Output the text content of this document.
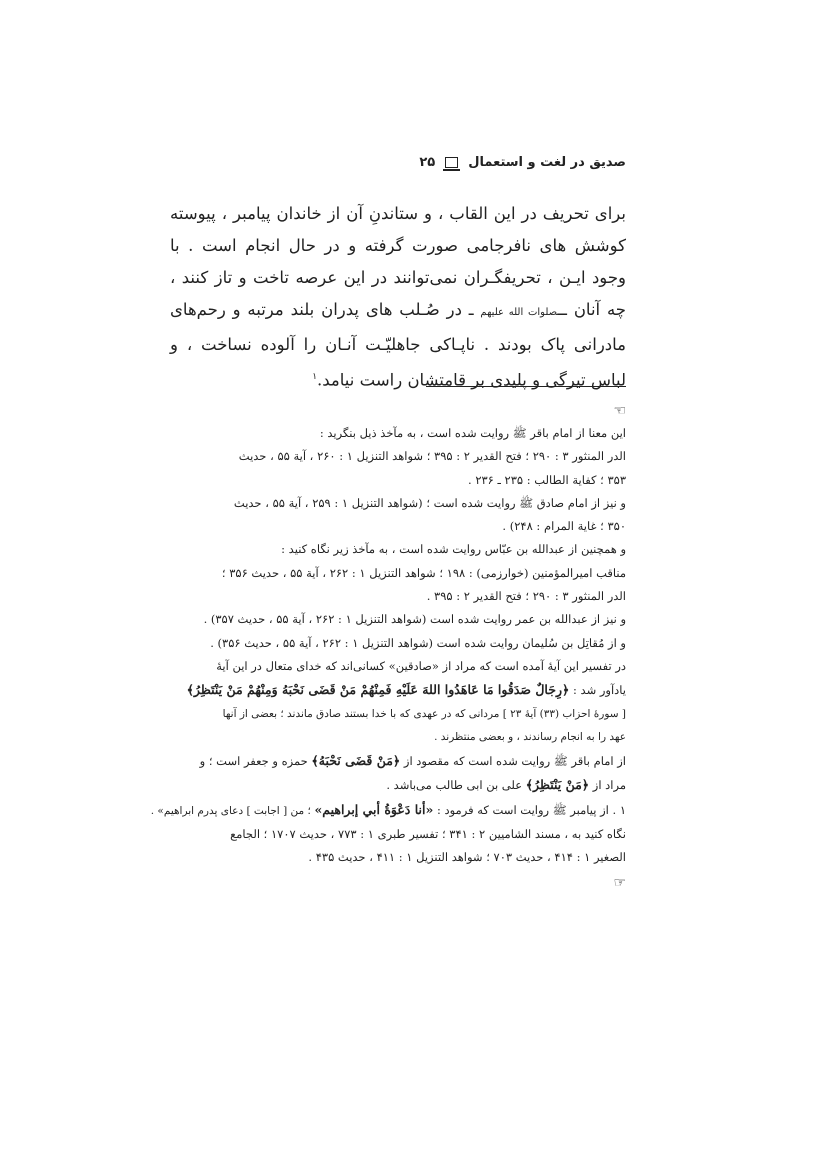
صدیق در لغت و استعمال
۲۵

برای تحریف در این القاب ، و ستاندنِ آن از خاندان پیامبر ، پیوسته کوشش های نافرجامی صورت گرفته و در حال انجام است . با وجود ایـن ، تحریفگـران نمی‌توانند در این عرصه تاخت و تاز کنند ، چه آنان ــصلوات الله علیهم ـ در صُـلب های پدران بلند مرتبه و رحم‌های مادرانی پاک بودند . ناپـاکی جاهلیّـت آنـان را آلوده نساخت ، و لباس تیرگی و پلیدی بر قامتشان راست نیامد.$^۱$

☜
این معنا از امام باقر ﷺ روایت شده است ، به مآخذ ذیل بنگرید :
الدر المنثور ۳ : ۲۹۰ ؛ فتح القدیر ۲ : ۳۹۵ ؛ شواهد التنزیل ۱ : ۲۶۰ ، آیة ۵۵ ، حدیث
۳۵۳ ؛ کفایة الطالب : ۲۳۵ ـ ۲۳۶ .
و نیز از امام صادق ﷺ روایت شده است ؛ (شواهد التنزیل ۱ : ۲۵۹ ، آیة ۵۵ ، حدیث
۳۵۰ ؛ غایة المرام : ۲۴۸) .
و همچنین از عبدالله بن عبّاس روایت شده است ، به مآخذ زیر نگاه کنید :
مناقب امیرالمؤمنین (خوارزمی) : ۱۹۸ ؛ شواهد التنزیل ۱ : ۲۶۲ ، آیة ۵۵ ، حدیث ۳۵۶ ؛
الدر المنثور ۳ : ۲۹۰ ؛ فتح القدیر ۲ : ۳۹۵ .
و نیز از عبدالله بن عمر روایت شده است (شواهد التنزیل ۱ : ۲۶۲ ، آیة ۵۵ ، حدیث ۳۵۷) .
و از مُقاتِل بن سُلیمان روایت شده است (شواهد التنزیل ۱ : ۲۶۲ ، آیة ۵۵ ، حدیث ۳۵۶) .
در تفسیر این آیهٔ آمده است که مراد از «صادقین» کسانی‌اند که خدای متعال در این آیهٔ
یادآور شد : ﴿رِجَالٌ صَدَقُوا مَا عَاهَدُوا اللهَ عَلَيْهِ فَمِنْهُمْ مَنْ قَضَى نَحْبَهُ وَمِنْهُمْ مَنْ يَنْتَظِرُ﴾
[ سورهٔ احزاب (۳۳) آیهٔ ۲۳ ] مردانی که در عهدی که با خدا بستند صادق ماندند ؛ بعضی از آنها
عهد را به انجام رساندند ، و بعضی منتظرند .
از امام باقر ﷺ روایت شده است که مقصود از ﴿مَنْ قَضَى نَحْبَهُ﴾ حمزه و جعفر است ؛ و
مراد از ﴿مَنْ يَنْتَظِرُ﴾ علی بن ابی طالب می‌باشد .
۱ . از پیامبر ﷺ روایت است که فرمود : «أنا دَعْوَةُ أبي إبراهيم» ؛ من [ اجابت ] دعای پدرم ابراهیم» .
نگاه کنید به ، مسند الشامیین ۲ : ۳۴۱ ؛ تفسیر طبری ۱ : ۷۷۳ ، حدیث ۱۷۰۷ ؛ الجامع
الصغیر ۱ : ۴۱۴ ، حدیث ۷۰۳ ؛ شواهد التنزیل ۱ : ۴۱۱ ، حدیث ۴۳۵ .
☞
